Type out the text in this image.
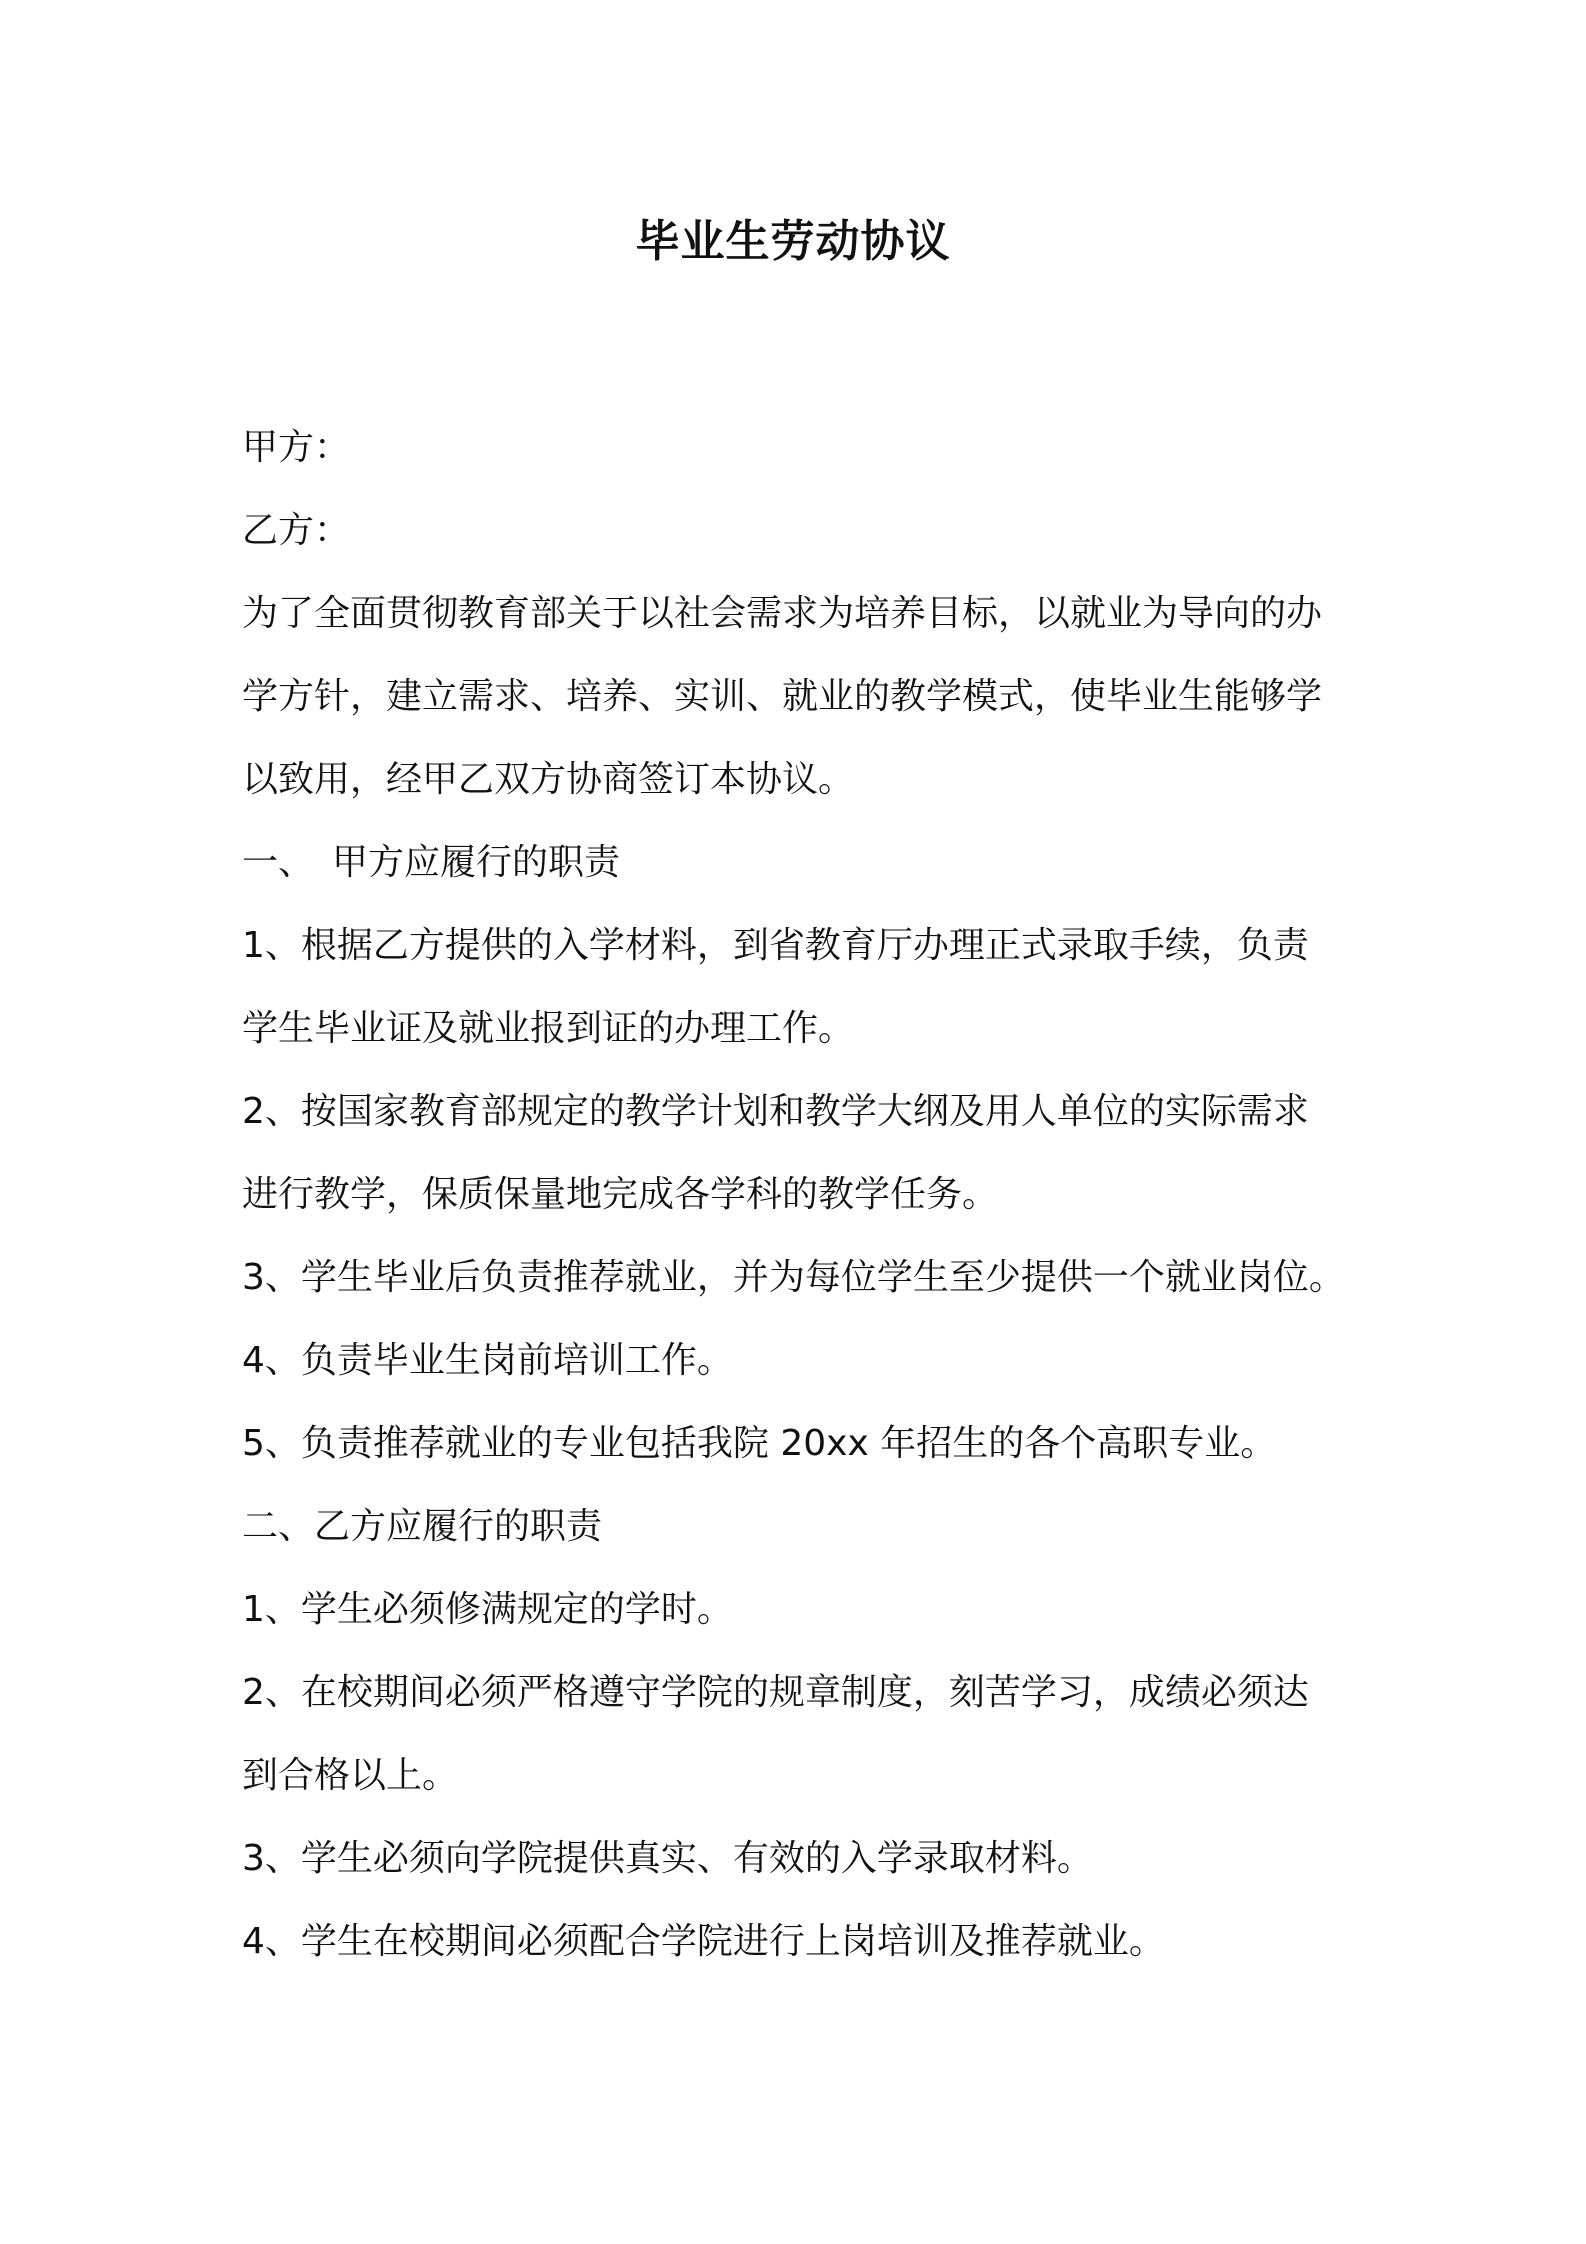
毕业生劳动协议
甲方：
乙方：
为了全面贯彻教育部关于以社会需求为培养目标，以就业为导向的办
学方针，建立需求、培养、实训、就业的教学模式，使毕业生能够学
以致用，经甲乙双方协商签订本协议。
一、　甲方应履行的职责
1、根据乙方提供的入学材料，到省教育厅办理正式录取手续，负责
学生毕业证及就业报到证的办理工作。
2、按国家教育部规定的教学计划和教学大纲及用人单位的实际需求
进行教学，保质保量地完成各学科的教学任务。
3、学生毕业后负责推荐就业，并为每位学生至少提供一个就业岗位。
4、负责毕业生岗前培训工作。
5、负责推荐就业的专业包括我院 20xx 年招生的各个高职专业。
二、乙方应履行的职责
1、学生必须修满规定的学时。
2、在校期间必须严格遵守学院的规章制度，刻苦学习，成绩必须达
到合格以上。
3、学生必须向学院提供真实、有效的入学录取材料。
4、学生在校期间必须配合学院进行上岗培训及推荐就业。
